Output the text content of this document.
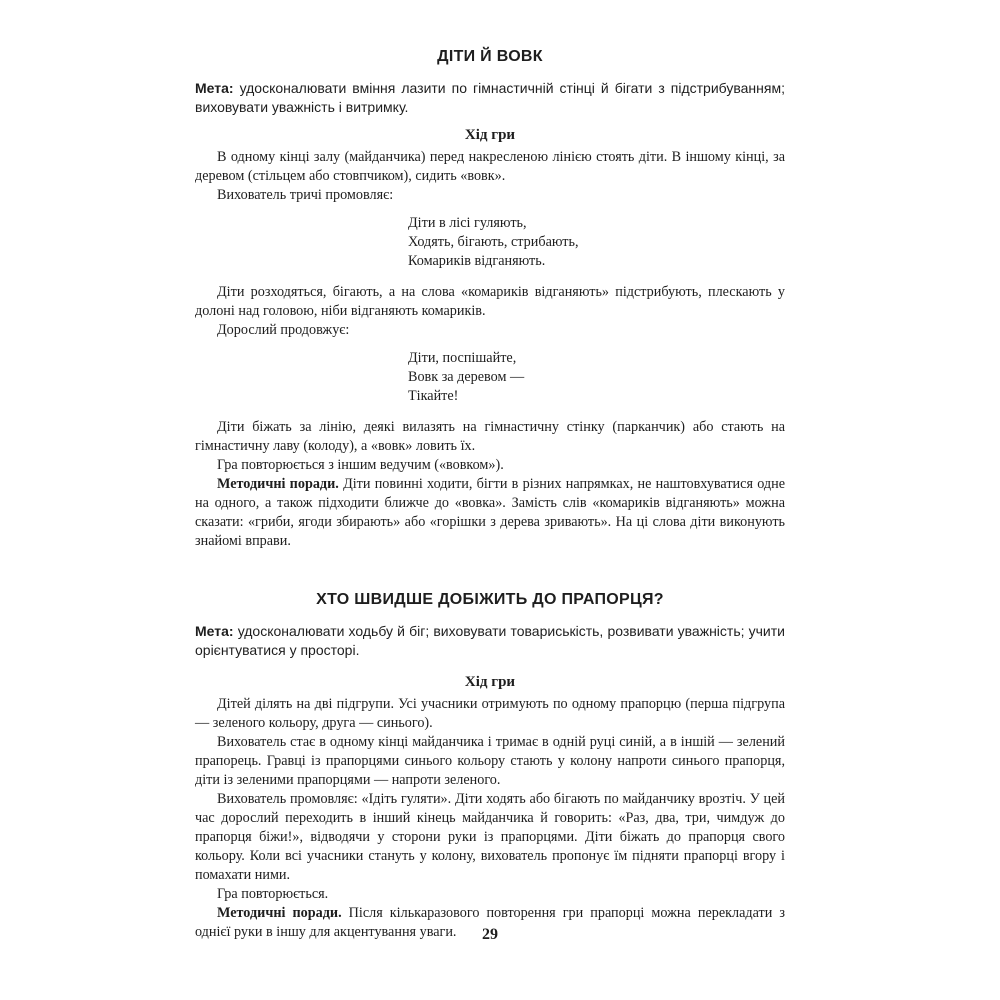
ДІТИ Й ВОВК

Мета: удосконалювати вміння лазити по гімнастичній стінці й бігати з підстрибуванням; виховувати уважність і витримку.

Хід гри

В одному кінці залу (майданчика) перед накресленою лінією стоять діти. В іншому кінці, за деревом (стільцем або стовпчиком), сидить «вовк».

Вихователь тричі промовляє:

Діти в лісі гуляють,
Ходять, бігають, стрибають,
Комариків відганяють.

Діти розходяться, бігають, а на слова «комариків відганяють» підстрибують, плескають у долоні над головою, ніби відганяють комариків.

Дорослий продовжує:

Діти, поспішайте,
Вовк за деревом —
Тікайте!

Діти біжать за лінію, деякі вилазять на гімнастичну стінку (парканчик) або стають на гімнастичну лаву (колоду), а «вовк» ловить їх.

Гра повторюється з іншим ведучим («вовком»).

Методичні поради. Діти повинні ходити, бігти в різних напрямках, не наштовхуватися одне на одного, а також підходити ближче до «вовка». Замість слів «комариків відганяють» можна сказати: «гриби, ягоди збирають» або «горішки з дерева зривають». На ці слова діти виконують знайомі вправи.

ХТО ШВИДШЕ ДОБІЖИТЬ ДО ПРАПОРЦЯ?

Мета: удосконалювати ходьбу й біг; виховувати товариськість, розвивати уважність; учити орієнтуватися у просторі.

Хід гри

Дітей ділять на дві підгрупи. Усі учасники отримують по одному прапорцю (перша підгрупа — зеленого кольору, друга — синього).

Вихователь стає в одному кінці майданчика і тримає в одній руці синій, а в іншій — зелений прапорець. Гравці із прапорцями синього кольору стають у колону напроти синього прапорця, діти із зеленими прапорцями — напроти зеленого.

Вихователь промовляє: «Ідіть гуляти». Діти ходять або бігають по майданчику врозтіч. У цей час дорослий переходить в інший кінець майданчика й говорить: «Раз, два, три, чимдуж до прапорця біжи!», відводячи у сторони руки із прапорцями. Діти біжать до прапорця свого кольору. Коли всі учасники стануть у колону, вихователь пропонує їм підняти прапорці вгору і помахати ними.

Гра повторюється.

Методичні поради. Після кількаразового повторення гри прапорці можна перекладати з однієї руки в іншу для акцентування уваги.	29
